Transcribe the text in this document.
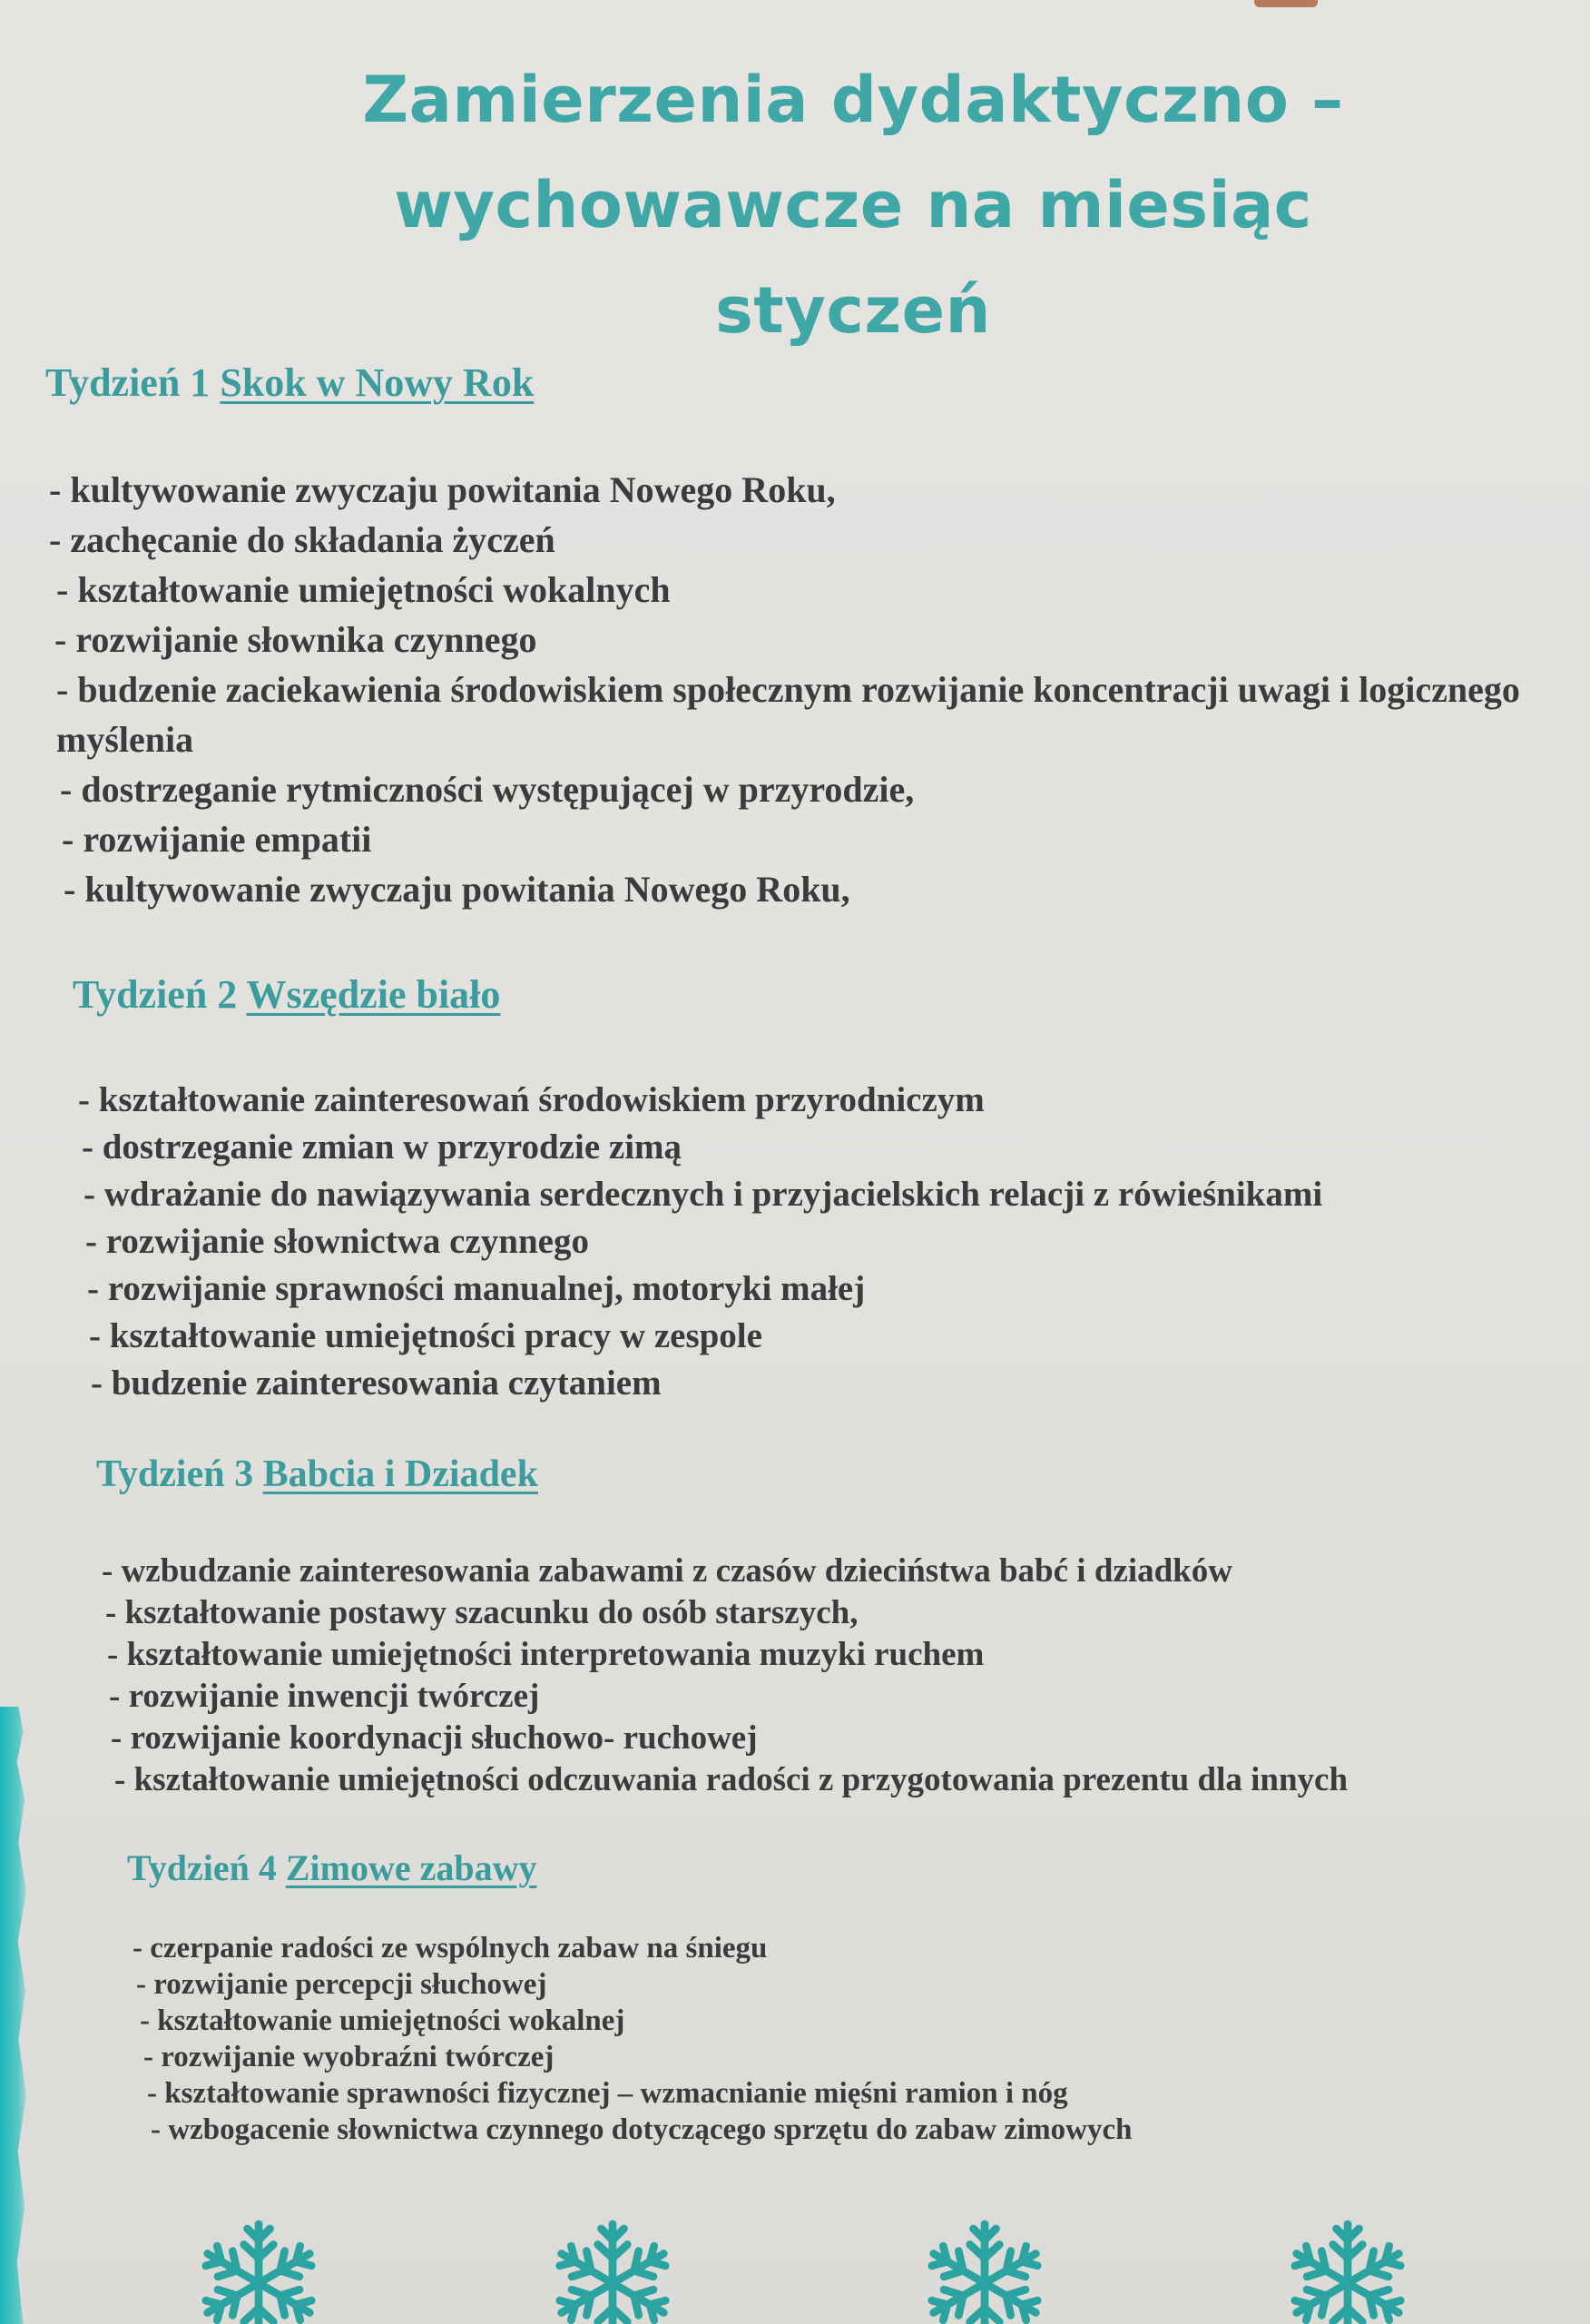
Zamierzenia dydaktyczno –
wychowawcze na miesiąc styczeń
Tydzień 1 Skok w Nowy Rok
- kultywowanie zwyczaju powitania Nowego Roku,
- zachęcanie do składania życzeń
- kształtowanie umiejętności wokalnych
- rozwijanie słownika czynnego
- budzenie zaciekawienia środowiskiem społecznym rozwijanie koncentracji uwagi i logicznego myślenia
- dostrzeganie rytmiczności występującej w przyrodzie,
- rozwijanie empatii
- kultywowanie zwyczaju powitania Nowego Roku,
Tydzień 2 Wszędzie biało
- kształtowanie zainteresowań środowiskiem przyrodniczym
- dostrzeganie zmian w przyrodzie zimą
- wdrażanie do nawiązywania serdecznych i przyjacielskich relacji z rówieśnikami
- rozwijanie słownictwa czynnego
- rozwijanie sprawności manualnej, motoryki małej
- kształtowanie umiejętności pracy w zespole
- budzenie zainteresowania czytaniem
Tydzień 3 Babcia i Dziadek
- wzbudzanie zainteresowania zabawami z czasów dzieciństwa babć i dziadków
- kształtowanie postawy szacunku do osób starszych,
- kształtowanie umiejętności interpretowania muzyki ruchem
- rozwijanie inwencji twórczej
- rozwijanie koordynacji słuchowo- ruchowej
- kształtowanie umiejętności odczuwania radości z przygotowania prezentu dla innych
Tydzień 4 Zimowe zabawy
- czerpanie radości ze wspólnych zabaw na śniegu
- rozwijanie percepcji słuchowej
- kształtowanie umiejętności wokalnej
- rozwijanie wyobraźni twórczej
- kształtowanie sprawności fizycznej – wzmacnianie mięśni ramion i nóg
- wzbogacenie słownictwa czynnego dotyczącego sprzętu do zabaw zimowych
